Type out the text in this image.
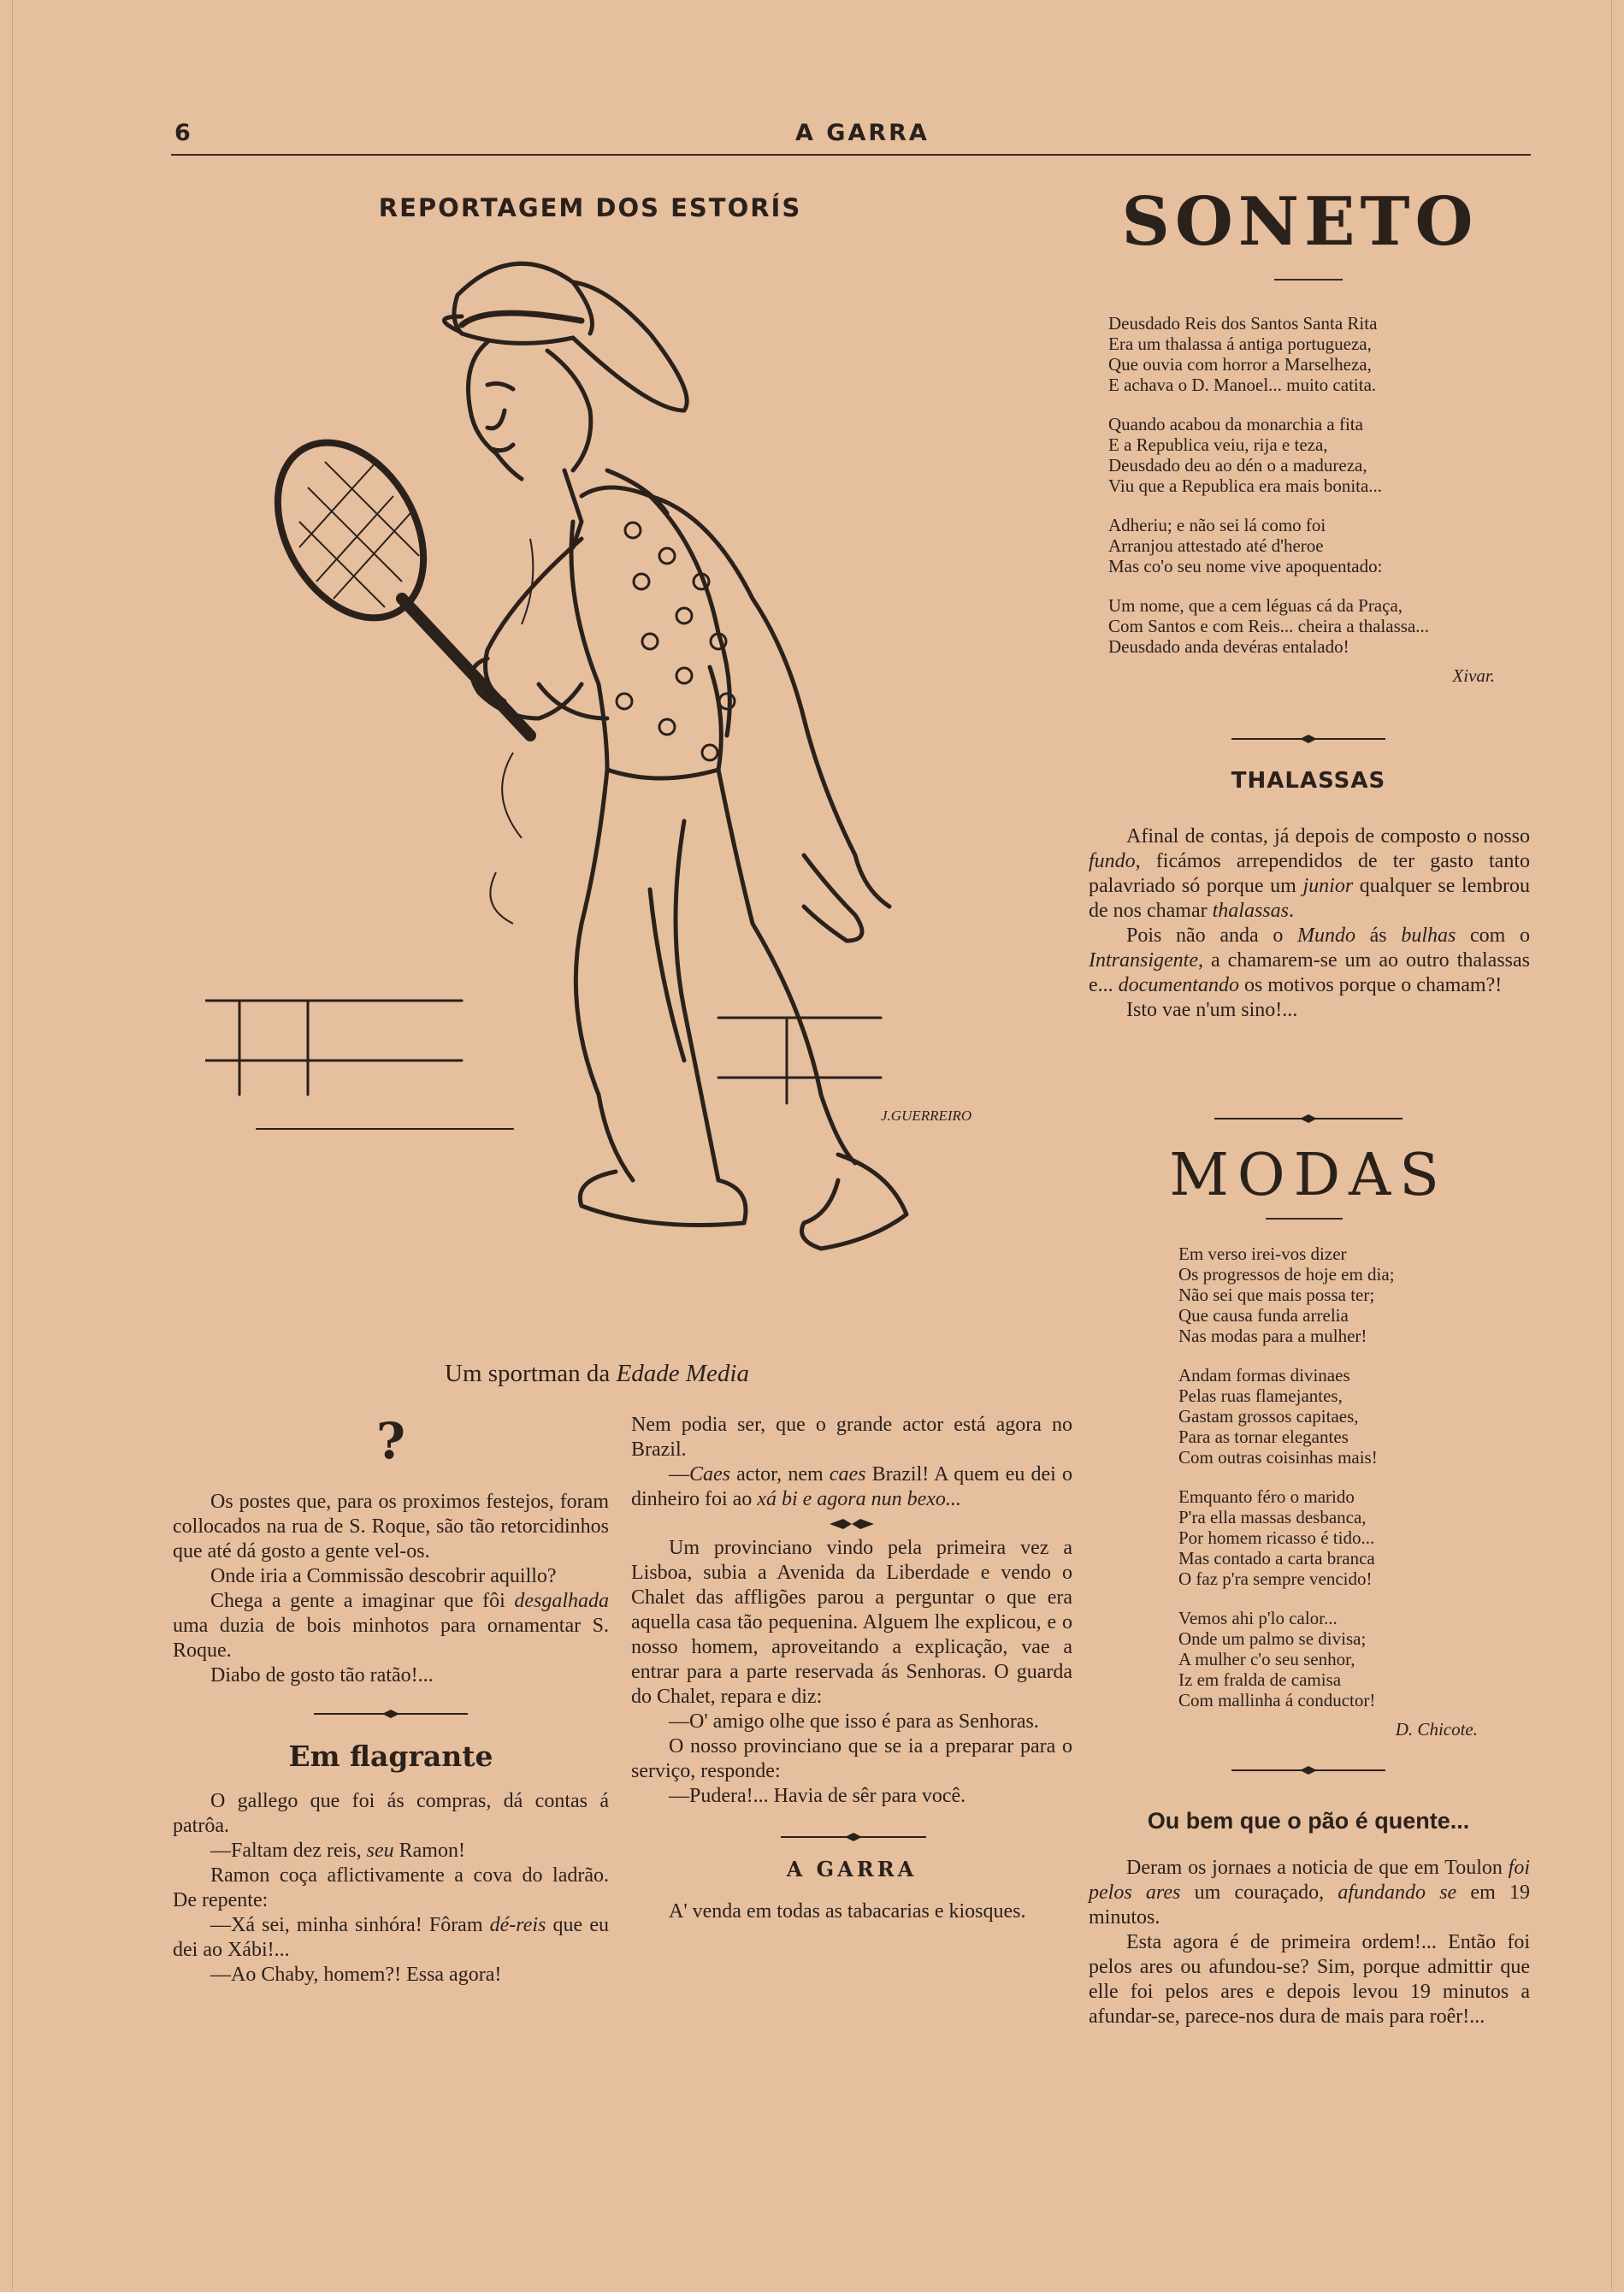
6	A GARRA
REPORTAGEM DOS ESTORÍS
J.GUERREIRO
Um sportman da Edade Media
?

Os postes que, para os proximos festejos, foram collocados na rua de S. Roque, são tão retorcidinhos que até dá gosto a gente vel-os.

Onde iria a Commissão descobrir aquillo?

Chega a gente a imaginar que fôi desgalhada uma duzia de bois minhotos para ornamentar S. Roque.

Diabo de gosto tão ratão!...

Em flagrante

O gallego que foi ás compras, dá contas á patrôa.

—Faltam dez reis, seu Ramon!

Ramon coça aflictivamente a cova do ladrão. De repente:

—Xá sei, minha sinhóra! Fôram dé-reis que eu dei ao Xábi!...

—Ao Chaby, homem?! Essa agora!

Nem podia ser, que o grande actor está agora no Brazil.

—Caes actor, nem caes Brazil! A quem eu dei o dinheiro foi ao xá bi e agora nun bexo...

Um provinciano vindo pela primeira vez a Lisboa, subia a Avenida da Liberdade e vendo o Chalet das affligões parou a perguntar o que era aquella casa tão pequenina. Alguem lhe explicou, e o nosso homem, aproveitando a explicação, vae a entrar para a parte reservada ás Senhoras. O guarda do Chalet, repara e diz:

—O' amigo olhe que isso é para as Senhoras.

O nosso provinciano que se ia a preparar para o serviço, responde:

—Pudera!... Havia de sêr para você.

A GARRA

A' venda em todas as tabacarias e kiosques.

SONETO
Deusdado Reis dos Santos Santa Rita
Era um thalassa á antiga portugueza,
Que ouvia com horror a Marselheza,
E achava o D. Manoel... muito catita.
Quando acabou da monarchia a fita
E a Republica veiu, rija e teza,
Deusdado deu ao dén o a madureza,
Viu que a Republica era mais bonita...
Adheriu; e não sei lá como foi
Arranjou attestado até d'heroe
Mas co'o seu nome vive apoquentado:
Um nome, que a cem léguas cá da Praça,
Com Santos e com Reis... cheira a thalassa...
Deusdado anda devéras entalado!
Xivar.
THALASSAS

Afinal de contas, já depois de composto o nosso fundo, ficámos arrependidos de ter gasto tanto palavriado só porque um junior qualquer se lembrou de nos chamar thalassas.

Pois não anda o Mundo ás bulhas com o Intransigente, a chamarem-se um ao outro thalassas e... documentando os motivos porque o chamam?!

Isto vae n'um sino!...

MODAS
Em verso irei-vos dizer
Os progressos de hoje em dia;
Não sei que mais possa ter;
Que causa funda arrelia
Nas modas para a mulher!
Andam formas divinaes
Pelas ruas flamejantes,
Gastam grossos capitaes,
Para as tornar elegantes
Com outras coisinhas mais!
Emquanto féro o marido
P'ra ella massas desbanca,
Por homem ricasso é tido...
Mas contado a carta branca
O faz p'ra sempre vencido!
Vemos ahi p'lo calor...
Onde um palmo se divisa;
A mulher c'o seu senhor,
Iz em fralda de camisa
Com mallinha á conductor!
D. Chicote.
Ou bem que o pão é quente...

Deram os jornaes a noticia de que em Toulon foi pelos ares um couraçado, afundando se em 19 minutos.

Esta agora é de primeira ordem!... Então foi pelos ares ou afundou-se? Sim, porque admittir que elle foi pelos ares e depois levou 19 minutos a afundar-se, parece-nos dura de mais para roêr!...
